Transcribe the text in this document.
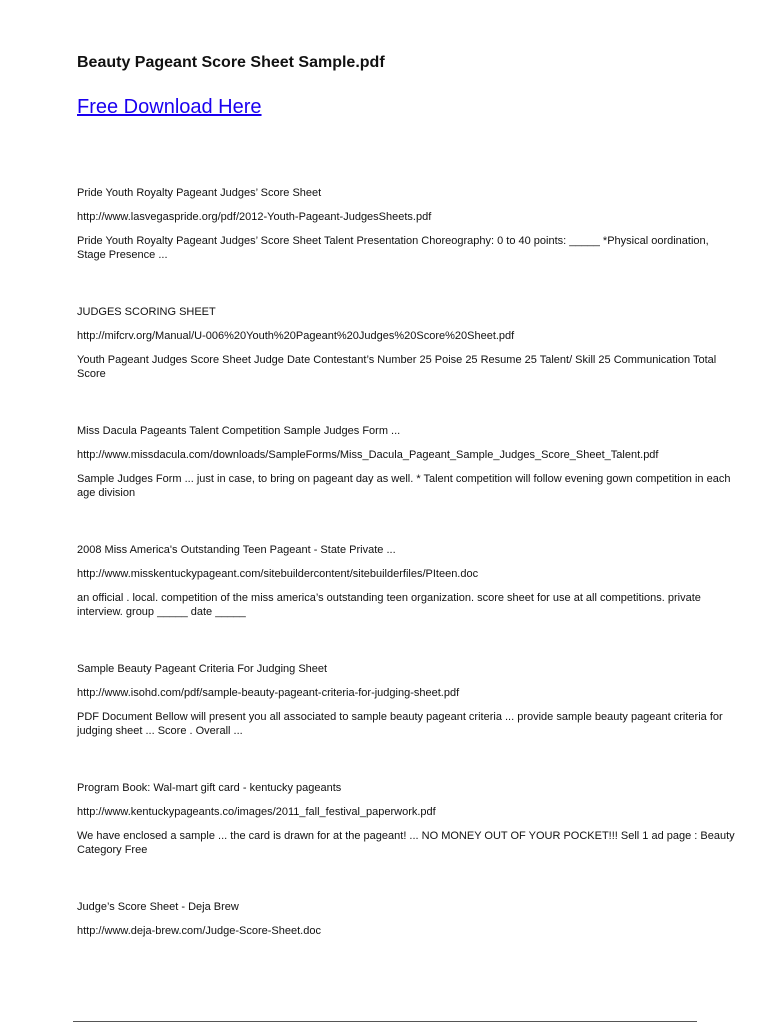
Beauty Pageant Score Sheet Sample.pdf
Free Download Here

Pride Youth Royalty Pageant Judges’ Score Sheet

http://www.lasvegaspride.org/pdf/2012-Youth-Pageant-JudgesSheets.pdf

Pride Youth Royalty Pageant Judges’ Score Sheet Talent Presentation Choreography: 0 to 40 points: _____ *Physical oordination, Stage Presence ...

JUDGES SCORING SHEET

http://mifcrv.org/Manual/U-006%20Youth%20Pageant%20Judges%20Score%20Sheet.pdf

Youth Pageant Judges Score Sheet Judge Date Contestant’s Number 25 Poise 25 Resume 25 Talent/ Skill 25 Communication Total Score

Miss Dacula Pageants Talent Competition Sample Judges Form ...

http://www.missdacula.com/downloads/SampleForms/Miss_Dacula_Pageant_Sample_Judges_Score_Sheet_Talent.pdf

Sample Judges Form ... just in case, to bring on pageant day as well. * Talent competition will follow evening gown competition in each age division

2008 Miss America's Outstanding Teen Pageant - State Private ...

http://www.misskentuckypageant.com/sitebuildercontent/sitebuilderfiles/PIteen.doc

an official . local. competition of the miss america’s outstanding teen organization. score sheet for use at all competitions. private interview. group _____ date _____

Sample Beauty Pageant Criteria For Judging Sheet

http://www.isohd.com/pdf/sample-beauty-pageant-criteria-for-judging-sheet.pdf

PDF Document Bellow will present you all associated to sample beauty pageant criteria ... provide sample beauty pageant criteria for judging sheet ... Score . Overall ...

Program Book: Wal-mart gift card - kentucky pageants

http://www.kentuckypageants.co/images/2011_fall_festival_paperwork.pdf

We have enclosed a sample ... the card is drawn for at the pageant! ... NO MONEY OUT OF YOUR POCKET!!! Sell 1 ad page : Beauty Category Free

Judge’s Score Sheet - Deja Brew

http://www.deja-brew.com/Judge-Score-Sheet.doc
